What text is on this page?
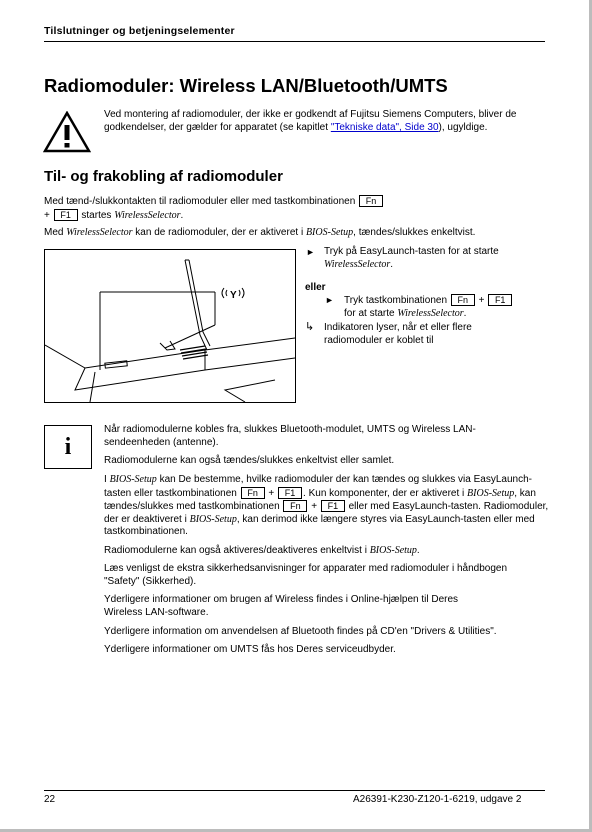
Tilslutninger og betjeningselementer
Radiomoduler: Wireless LAN/Bluetooth/UMTS
Ved montering af radiomoduler, der ikke er godkendt af Fujitsu Siemens Computers, bliver de godkendelser, der gælder for apparatet (se kapitlet "Tekniske data", Side 30), ugyldige.
Til- og frakobling af radiomoduler
Med tænd-/slukkontakten til radiomoduler eller med tastkombinationen Fn
+ F1 startes WirelessSelector.
Med WirelessSelector kan de radiomoduler, der er aktiveret i BIOS-Setup, tændes/slukkes enkeltvist.
Y
► Tryk på EasyLaunch-tasten for at starte WirelessSelector.
eller
► Tryk tastkombinationen Fn + F1
for at starte WirelessSelector.
↳ Indikatoren lyser, når et eller flere radiomoduler er koblet til
i
Når radiomodulerne kobles fra, slukkes Bluetooth-modulet, UMTS og Wireless LAN-sendeenheden (antenne).
Radiomodulerne kan også tændes/slukkes enkeltvist eller samlet.
I BIOS-Setup kan De bestemme, hvilke radiomoduler der kan tændes og slukkes via EasyLaunch-tasten eller tastkombinationen Fn + F1 . Kun komponenter, der er aktiveret i BIOS-Setup, kan tændes/slukkes med tastkombinationen Fn + F1 eller med EasyLaunch-tasten. Radiomoduler, der er deaktiveret i BIOS-Setup, kan derimod ikke længere styres via EasyLaunch-tasten eller med tastkombinationen.
Radiomodulerne kan også aktiveres/deaktiveres enkeltvist i BIOS-Setup.
Læs venligst de ekstra sikkerhedsanvisninger for apparater med radiomoduler i håndbogen "Safety" (Sikkerhed).
Yderligere informationer om brugen af Wireless findes i Online-hjælpen til Deres Wireless LAN-software.
Yderligere information om anvendelsen af Bluetooth findes på CD'en "Drivers & Utilities".
Yderligere informationer om UMTS fås hos Deres serviceudbyder.
22	A26391-K230-Z120-1-6219, udgave 2
